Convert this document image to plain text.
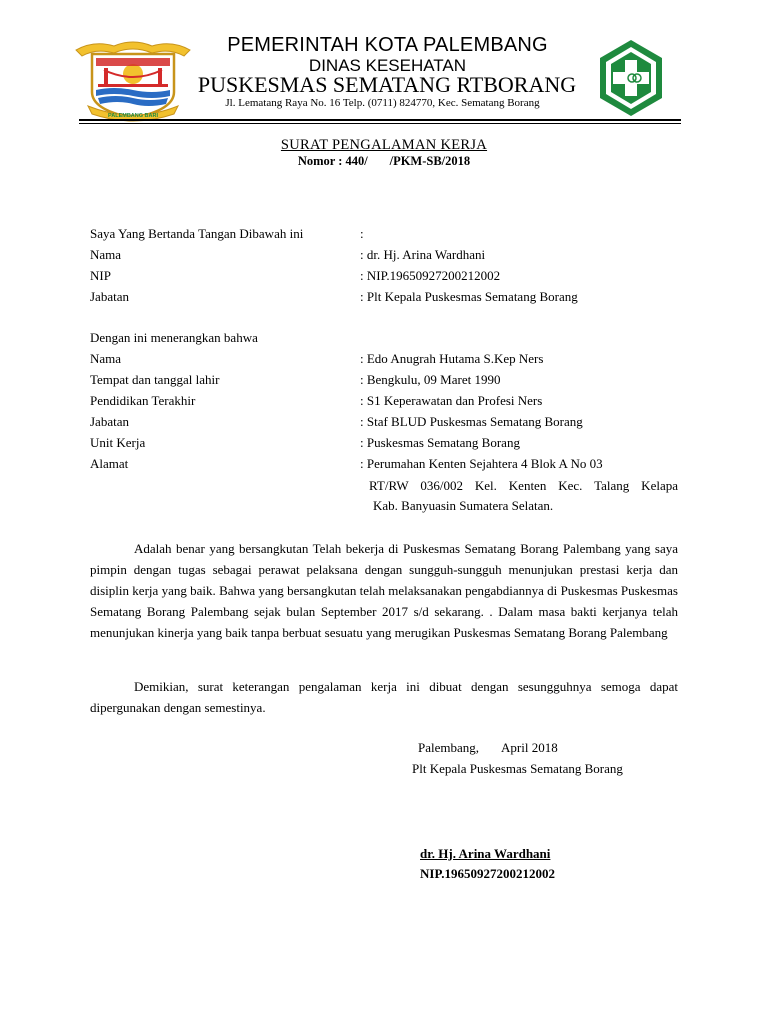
PALEMBANG BARI
PEMERINTAH KOTA PALEMBANG
DINAS KESEHATAN
PUSKESMAS SEMATANG RTBORANG
Jl. Lematang Raya No. 16 Telp. (0711) 824770, Kec. Sematang Borang
SURAT PENGALAMAN KERJA
Nomor : 440/       /PKM-SB/2018
Saya Yang Bertanda Tangan Dibawah ini	:
Nama	: dr. Hj. Arina Wardhani
NIP	: NIP.19650927200212002
Jabatan	: Plt Kepala Puskesmas Sematang Borang
Dengan ini menerangkan bahwa
Nama	: Edo Anugrah Hutama S.Kep Ners
Tempat dan tanggal lahir	: Bengkulu, 09 Maret 1990
Pendidikan Terakhir	: S1 Keperawatan dan Profesi Ners
Jabatan	: Staf BLUD Puskesmas Sematang Borang
Unit Kerja	: Puskesmas Sematang Borang
Alamat	: Perumahan Kenten Sejahtera 4 Blok A No 03
RT/RW 036/002 Kel. Kenten Kec. Talang Kelapa
Kab. Banyuasin Sumatera Selatan.

Adalah benar yang bersangkutan Telah bekerja di Puskesmas Sematang Borang Palembang yang saya pimpin dengan tugas sebagai perawat pelaksana dengan sungguh-sungguh menunjukan prestasi kerja dan disiplin kerja yang baik. Bahwa yang bersangkutan telah melaksanakan pengabdiannya di Puskesmas Puskesmas Sematang Borang Palembang sejak bulan September 2017 s/d sekarang. . Dalam masa bakti kerjanya telah menunjukan kinerja yang baik tanpa berbuat sesuatu yang merugikan Puskesmas Sematang Borang Palembang

Demikian, surat keterangan pengalaman kerja ini dibuat dengan sesungguhnya semoga dapat dipergunakan dengan semestinya.

Palembang,       April 2018
Plt Kepala Puskesmas Sematang Borang
dr. Hj. Arina Wardhani
NIP.19650927200212002
